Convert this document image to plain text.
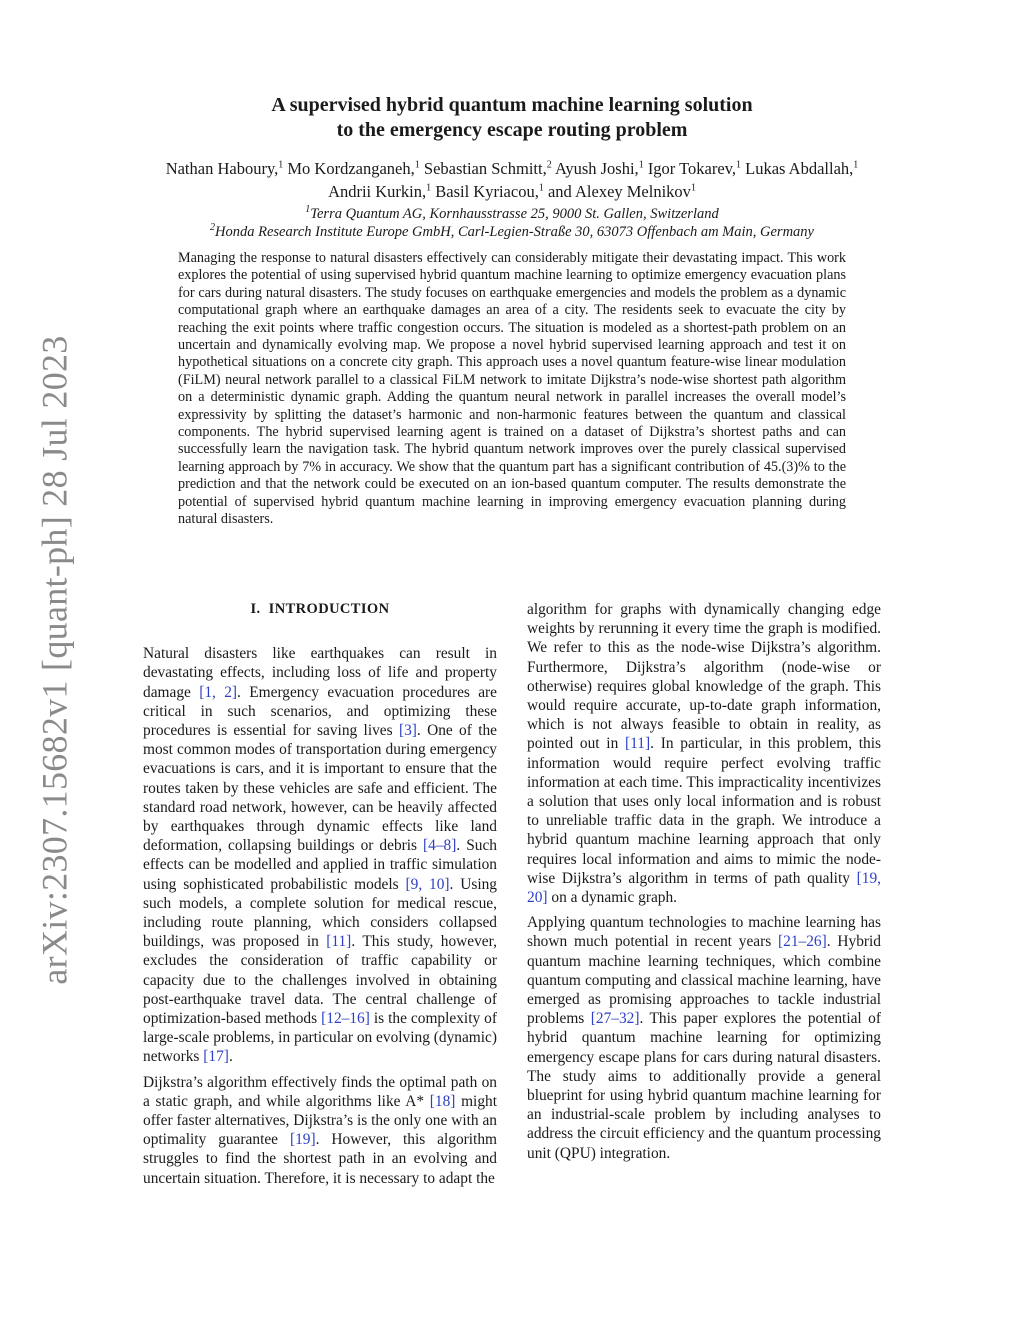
arXiv:2307.15682v1 [quant-ph] 28 Jul 2023
A supervised hybrid quantum machine learning solution
to the emergency escape routing problem
Nathan Haboury,$^1$ Mo Kordzanganeh,$^1$ Sebastian Schmitt,$^2$ Ayush Joshi,$^1$ Igor Tokarev,$^1$ Lukas Abdallah,$^1$ Andrii Kurkin,$^1$ Basil Kyriacou,$^1$ and Alexey Melnikov$^1$
$^1$Terra Quantum AG, Kornhausstrasse 25, 9000 St. Gallen, Switzerland
$^2$Honda Research Institute Europe GmbH, Carl-Legien-Straße 30, 63073 Offenbach am Main, Germany
Managing the response to natural disasters effectively can considerably mitigate their devastating impact. This work explores the potential of using supervised hybrid quantum machine learning to optimize emergency evacuation plans for cars during natural disasters. The study focuses on earthquake emergencies and models the problem as a dynamic computational graph where an earthquake damages an area of a city. The residents seek to evacuate the city by reaching the exit points where traffic congestion occurs. The situation is modeled as a shortest-path problem on an uncertain and dynamically evolving map. We propose a novel hybrid supervised learning approach and test it on hypothetical situations on a concrete city graph. This approach uses a novel quantum feature-wise linear modulation (FiLM) neural network parallel to a classical FiLM network to imitate Dijkstra’s node-wise shortest path algorithm on a deterministic dynamic graph. Adding the quantum neural network in parallel increases the overall model’s expressivity by splitting the dataset’s harmonic and non-harmonic features between the quantum and classical components. The hybrid supervised learning agent is trained on a dataset of Dijkstra’s shortest paths and can successfully learn the navigation task. The hybrid quantum network improves over the purely classical supervised learning approach by 7% in accuracy. We show that the quantum part has a significant contribution of 45.(3)% to the prediction and that the network could be executed on an ion-based quantum computer. The results demonstrate the potential of supervised hybrid quantum machine learning in improving emergency evacuation planning during natural disasters.
I. INTRODUCTION

Natural disasters like earthquakes can result in devastating effects, including loss of life and property damage [1, 2]. Emergency evacuation procedures are critical in such scenarios, and optimizing these procedures is essential for saving lives [3]. One of the most common modes of transportation during emergency evacuations is cars, and it is important to ensure that the routes taken by these vehicles are safe and efficient. The standard road network, however, can be heavily affected by earthquakes through dynamic effects like land deformation, collapsing buildings or debris [4–8]. Such effects can be modelled and applied in traffic simulation using sophisticated probabilistic models [9, 10]. Using such models, a complete solution for medical rescue, including route planning, which considers collapsed buildings, was proposed in [11]. This study, however, excludes the consideration of traffic capability or capacity due to the challenges involved in obtaining post-earthquake travel data. The central challenge of optimization-based methods [12–16] is the complexity of large-scale problems, in particular on evolving (dynamic) networks [17].

Dijkstra’s algorithm effectively finds the optimal path on a static graph, and while algorithms like A* [18] might offer faster alternatives, Dijkstra’s is the only one with an optimality guarantee [19]. However, this algorithm struggles to find the shortest path in an evolving and uncertain situation. Therefore, it is necessary to adapt the

algorithm for graphs with dynamically changing edge weights by rerunning it every time the graph is modified. We refer to this as the node-wise Dijkstra’s algorithm. Furthermore, Dijkstra’s algorithm (node-wise or otherwise) requires global knowledge of the graph. This would require accurate, up-to-date graph information, which is not always feasible to obtain in reality, as pointed out in [11]. In particular, in this problem, this information would require perfect evolving traffic information at each time. This impracticality incentivizes a solution that uses only local information and is robust to unreliable traffic data in the graph. We introduce a hybrid quantum machine learning approach that only requires local information and aims to mimic the node-wise Dijkstra’s algorithm in terms of path quality [19, 20] on a dynamic graph.

Applying quantum technologies to machine learning has shown much potential in recent years [21–26]. Hybrid quantum machine learning techniques, which combine quantum computing and classical machine learning, have emerged as promising approaches to tackle industrial problems [27–32]. This paper explores the potential of hybrid quantum machine learning for optimizing emergency escape plans for cars during natural disasters. The study aims to additionally provide a general blueprint for using hybrid quantum machine learning for an industrial-scale problem by including analyses to address the circuit efficiency and the quantum processing unit (QPU) integration.
